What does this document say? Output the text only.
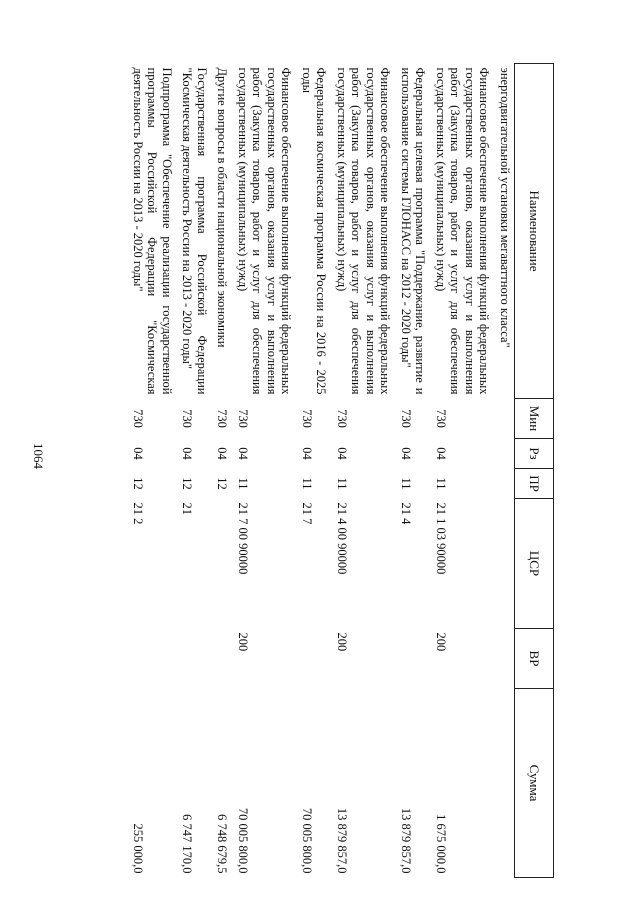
1064
Наименование	Мин	Рз	ПР	ЦСР	ВР	Сумма
энергодвигательной установки мегаваттного класса"						
Финансовое обеспечение выполнения функций федеральных государственных органов, оказания услуг и выполнения работ (Закупка товаров, работ и услуг для обеспечения государственных (муниципальных) нужд)	730	04	11	21 1 03 90000	200	1 675 000,0
Федеральная целевая программа "Поддержание, развитие и использование системы ГЛОНАСС на 2012 - 2020 годы"	730	04	11	21 4		13 879 857,0
Финансовое обеспечение выполнения функций федеральных государственных органов, оказания услуг и выполнения работ (Закупка товаров, работ и услуг для обеспечения государственных (муниципальных) нужд)	730	04	11	21 4 00 90000	200	13 879 857,0
Федеральная космическая программа России на 2016 - 2025 годы	730	04	11	21 7		70 005 800,0
Финансовое обеспечение выполнения функций федеральных государственных органов, оказания услуг и выполнения работ (Закупка товаров, работ и услуг для обеспечения государственных (муниципальных) нужд)	730	04	11	21 7 00 90000	200	70 005 800,0
Другие вопросы в области национальной экономики	730	04	12			6 748 679,5
Государственная программа Российской Федерации "Космическая деятельность России на 2013 - 2020 годы"	730	04	12	21		6 747 170,0
Подпрограмма "Обеспечение реализации государственной программы Российской Федерации "Космическая деятельность России на 2013 - 2020 годы"	730	04	12	21 2		255 000,0
